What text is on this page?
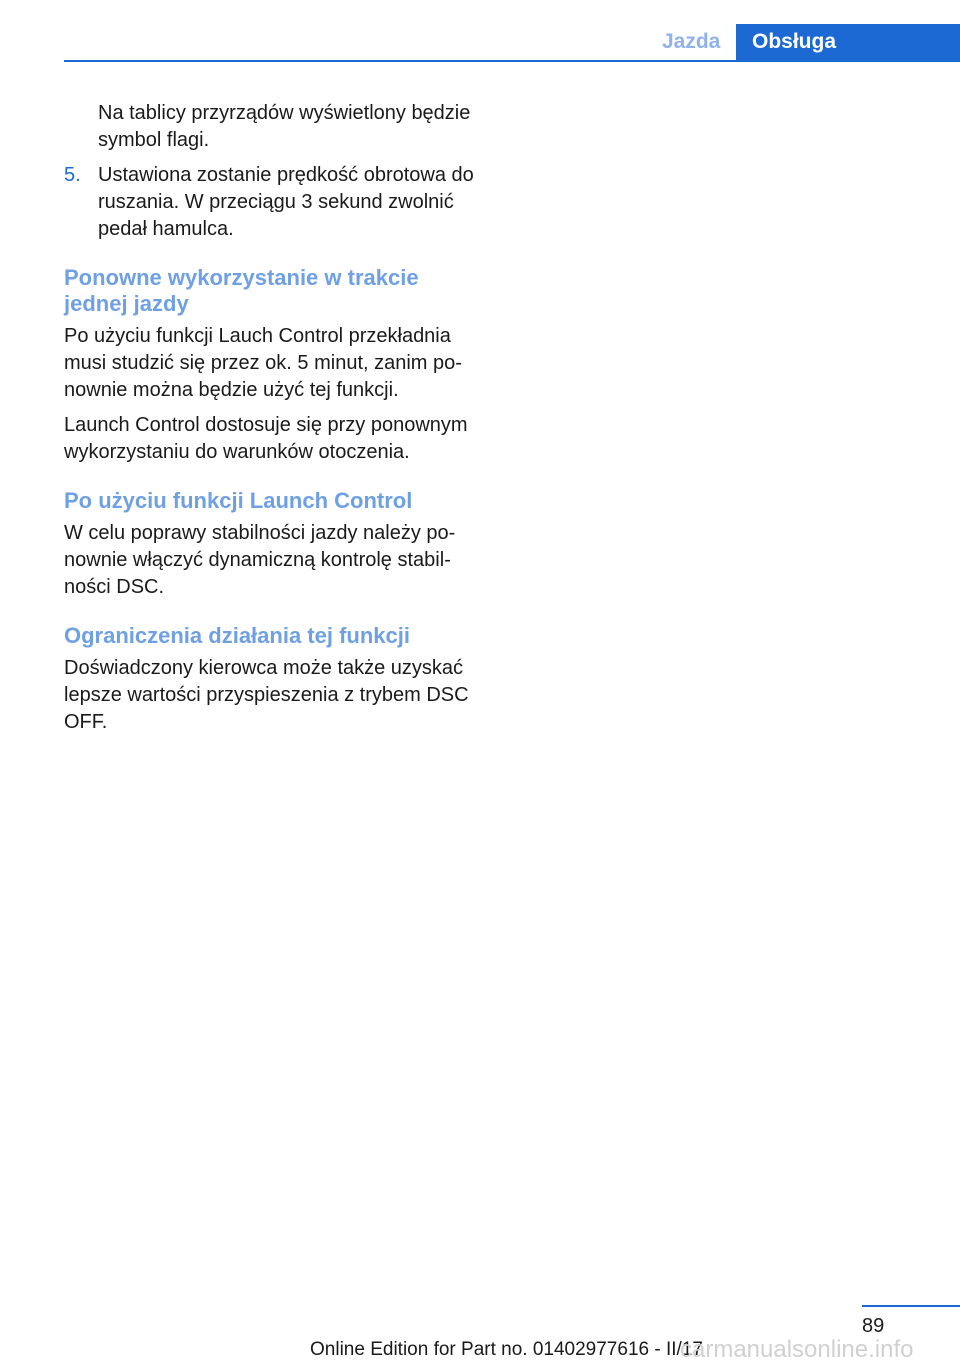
Jazda	Obsługa

Na tablicy przyrządów wyświetlony będzie symbol flagi.

5. Ustawiona zostanie prędkość obrotowa do ruszania. W przeciągu 3 sekund zwolnić pedał hamulca.
Ponowne wykorzystanie w trakcie jednej jazdy

Po użyciu funkcji Lauch Control przekładnia musi studzić się przez ok. 5 minut, zanim ponownie można będzie użyć tej funkcji.

Launch Control dostosuje się przy ponownym wykorzystaniu do warunków otoczenia.

Po użyciu funkcji Launch Control

W celu poprawy stabilności jazdy należy ponownie włączyć dynamiczną kontrolę stabilności DSC.

Ograniczenia działania tej funkcji

Doświadczony kierowca może także uzyskać lepsze wartości przyspieszenia z trybem DSC OFF.

89
Online Edition for Part no. 01402977616 - II/17
carmanualsonline.info
